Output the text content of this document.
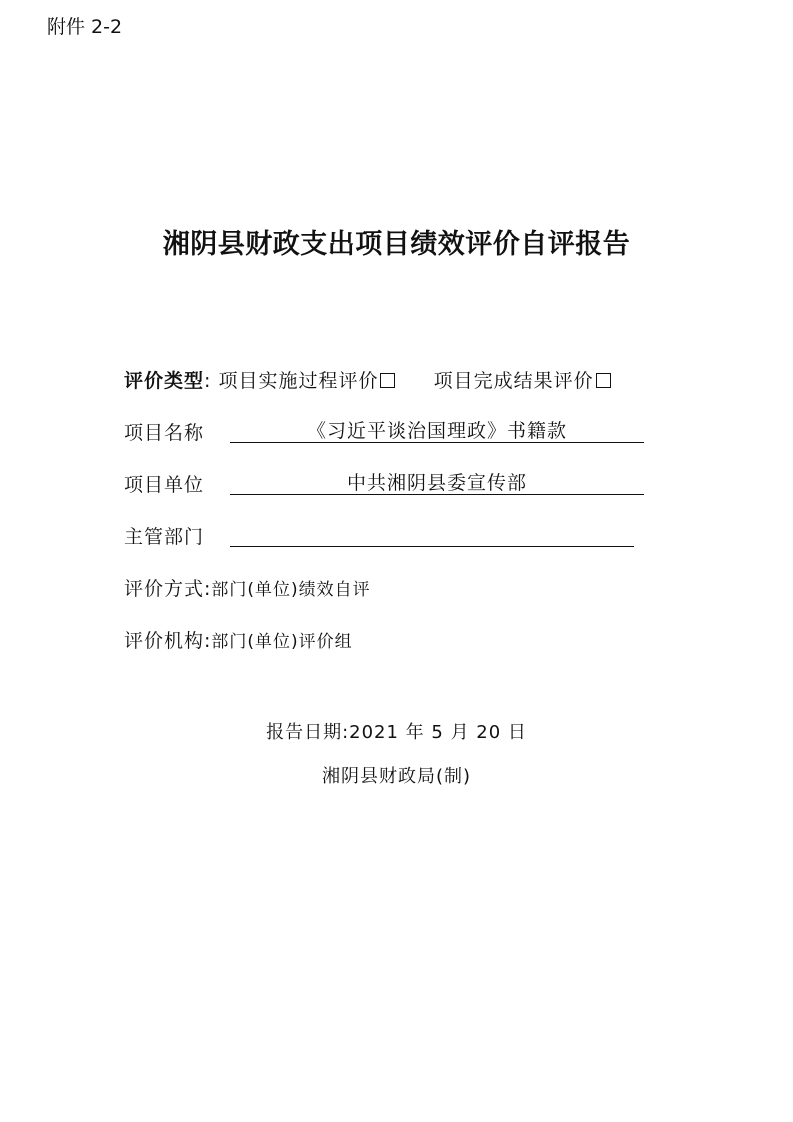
附件 2-2
湘阴县财政支出项目绩效评价自评报告
评价类型: 项目实施过程评价	项目完成结果评价
项目名称	《习近平谈治国理政》书籍款
项目单位	中共湘阴县委宣传部
主管部门
评价方式:部门(单位)绩效自评
评价机构:部门(单位)评价组
报告日期:2021 年 5 月 20 日
湘阴县财政局(制)
